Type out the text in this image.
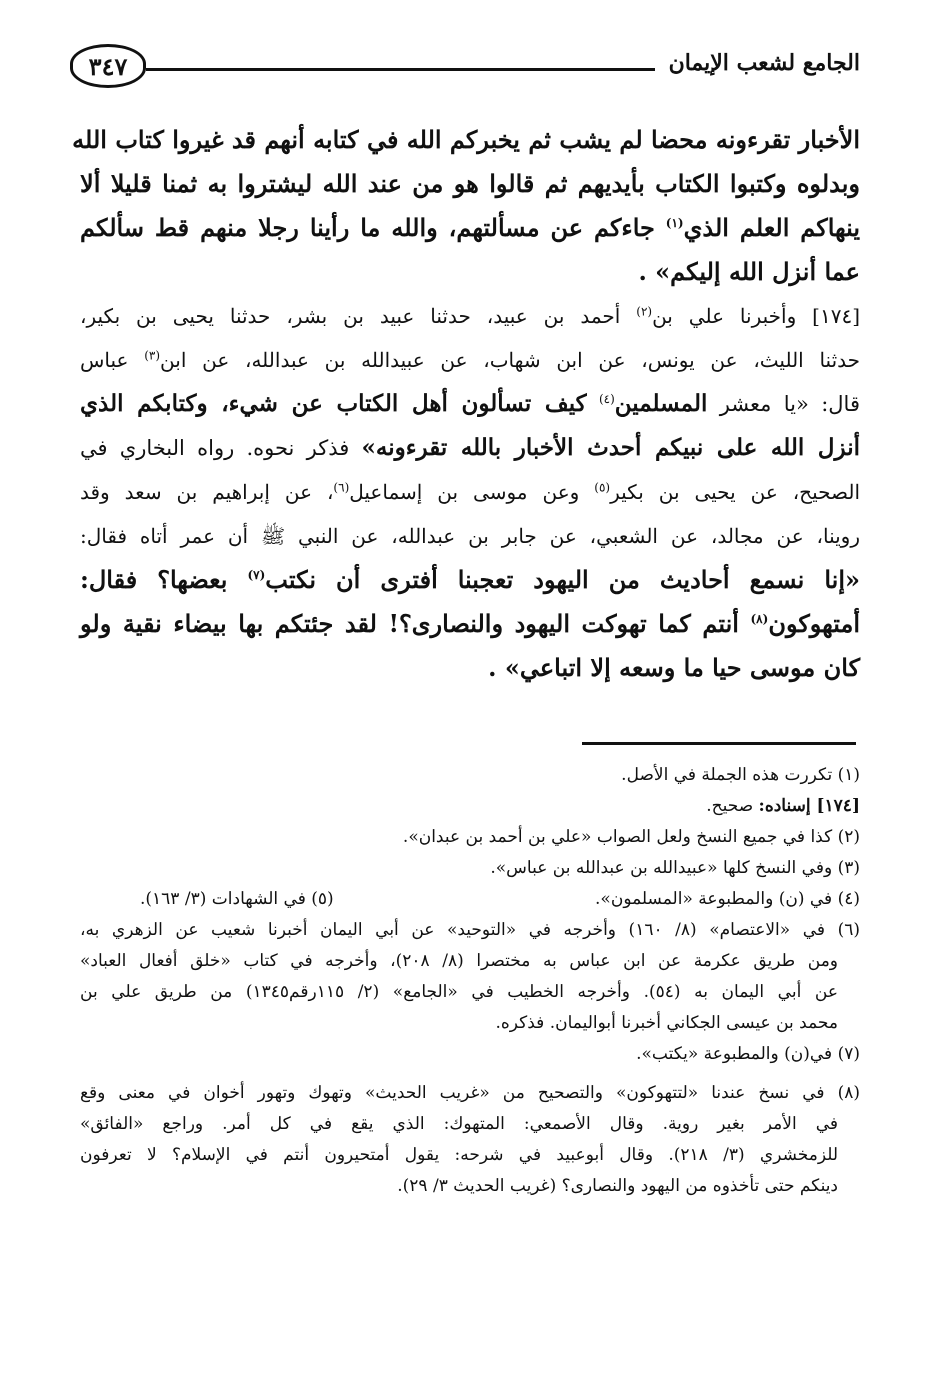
الجامع لشعب الإيمان
٣٤٧
الأخبار تقرءونه محضا لم يشب ثم يخبركم الله في كتابه أنهم قد غيروا كتاب الله
وبدلوه وكتبوا الكتاب بأيديهم ثم قالوا هو من عند الله ليشتروا به ثمنا قليلا ألا
ينهاكم العلم الذي$^{(١)}$ جاءكم عن مسألتهم، والله ما رأينا رجلا منهم قط سألكم
عما أنزل الله إليكم» .
[١٧٤] وأخبرنا علي بن$^{(٢)}$ أحمد بن عبيد، حدثنا عبيد بن بشر، حدثنا يحيى بن بكير،
حدثنا الليث، عن يونس، عن ابن شهاب، عن عبيدالله بن عبدالله، عن ابن$^{(٣)}$ عباس
قال: «يا معشر المسلمين$^{(٤)}$ كيف تسألون أهل الكتاب عن شيء، وكتابكم الذي
أنزل الله على نبيكم أحدث الأخبار بالله تقرءونه» فذكر نحوه. رواه البخاري في
الصحيح، عن يحيى بن بكير$^{(٥)}$ وعن موسى بن إسماعيل$^{(٦)}$، عن إبراهيم بن سعد وقد
روينا، عن مجالد، عن الشعبي، عن جابر بن عبدالله، عن النبي ﷺ أن عمر أتاه فقال:
«إنا نسمع أحاديث من اليهود تعجبنا أفترى أن نكتب$^{(٧)}$ بعضها؟ فقال:
أمتهوكون$^{(٨)}$ أنتم كما تهوكت اليهود والنصارى؟! لقد جئتكم بها بيضاء نقية ولو
كان موسى حيا ما وسعه إلا اتباعي» .
(١) تكررت هذه الجملة في الأصل.
[١٧٤] إسناده: صحيح.
(٢) كذا في جميع النسخ ولعل الصواب «علي بن أحمد بن عبدان».
(٣) وفي النسخ كلها «عبيدالله بن عبدالله بن عباس».
(٤) في (ن) والمطبوعة «المسلمون».
(٥) في الشهادات (٣/ ١٦٣).
(٦) في «الاعتصام» (٨/ ١٦٠) وأخرجه في «التوحيد» عن أبي اليمان أخبرنا شعيب عن الزهري به،
ومن طريق عكرمة عن ابن عباس به مختصرا (٨/ ٢٠٨)، وأخرجه في كتاب «خلق أفعال العباد»
عن أبي اليمان به (٥٤). وأخرجه الخطيب في «الجامع» (٢/ ١١٥رقم١٣٤٥) من طريق علي بن
محمد بن عيسى الجكاني أخبرنا أبواليمان. فذكره.
(٧) في(ن) والمطبوعة «يكتب».
(٨) في نسخ عندنا «لتتهوكون» والتصحيح من «غريب الحديث» وتهوك وتهور أخوان في معنى وقع
في الأمر بغير روية. وقال الأصمعي: المتهوك: الذي يقع في كل أمر. وراجع «الفائق»
للزمخشري (٣/ ٢١٨). وقال أبوعبيد في شرحه: يقول أمتحيرون أنتم في الإسلام؟ لا تعرفون
دينكم حتى تأخذوه من اليهود والنصارى؟ (غريب الحديث ٣/ ٢٩).
